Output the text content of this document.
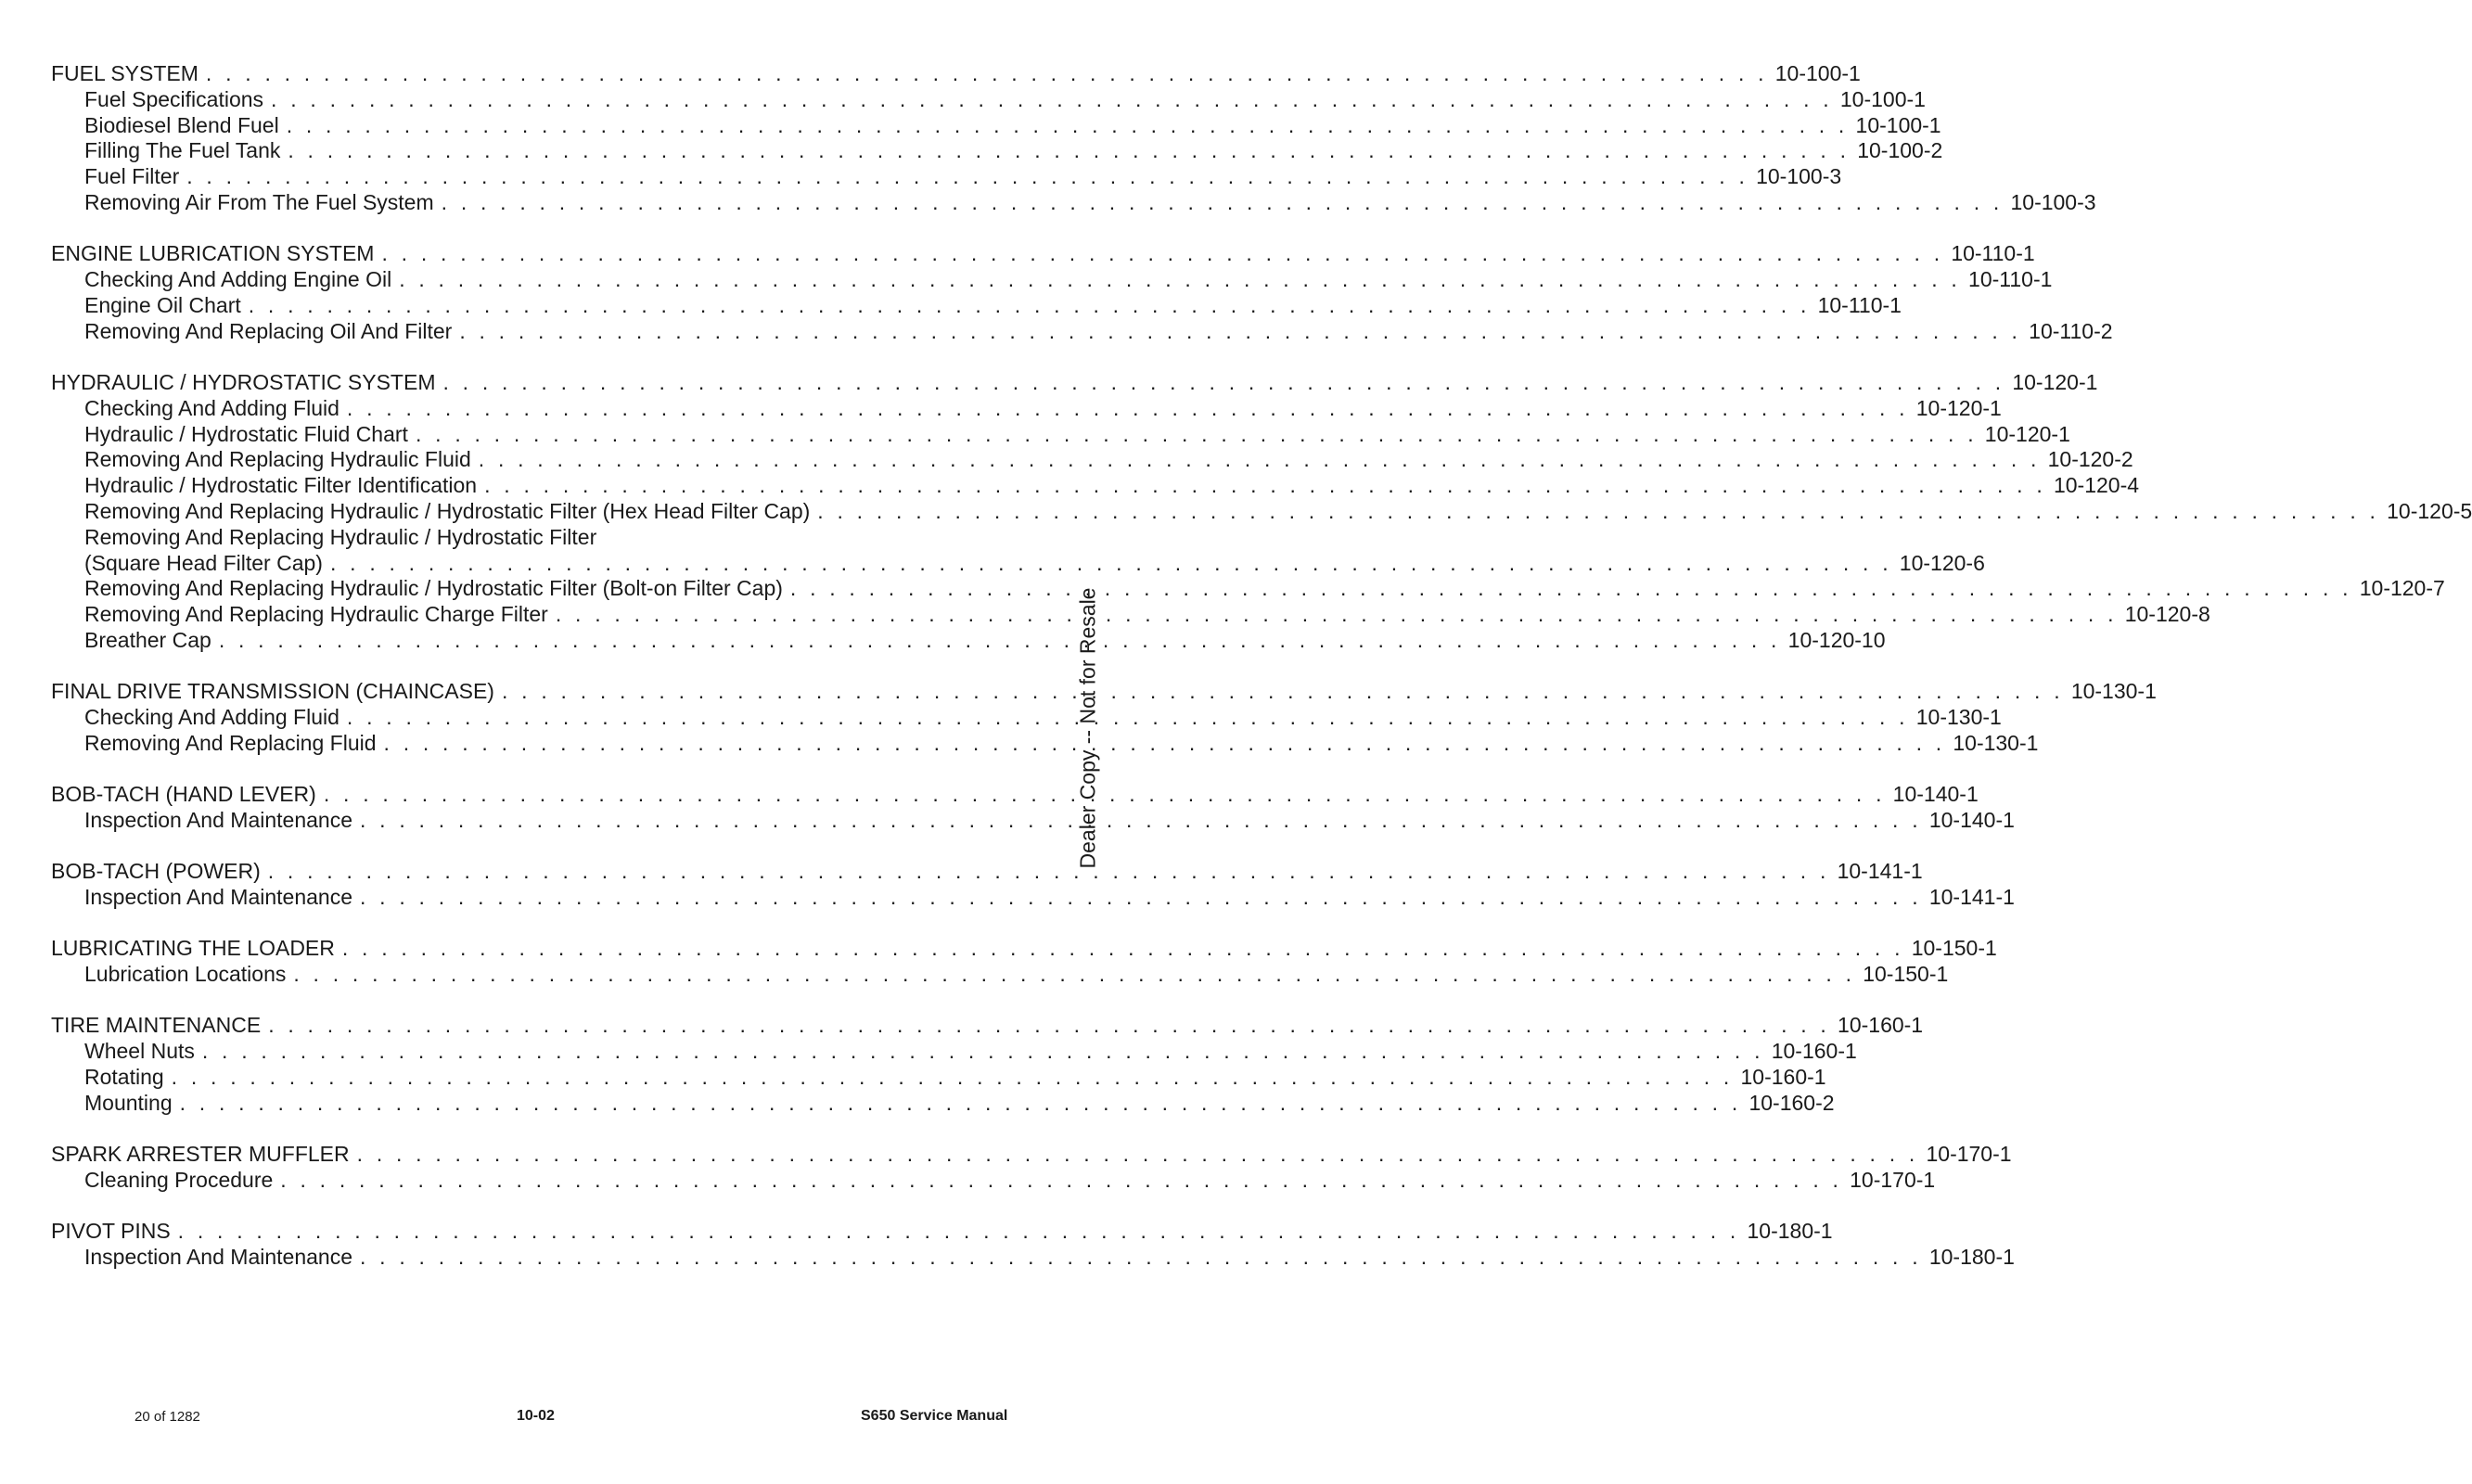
FUEL SYSTEM . . . . . . . . . . . . . . . . . . . . . . . . . . . . . . . . . . . . . . . . . . . . . . . . . . . . . . . . . . . . . . . . . . . . . . . . . . . . . . . . 10-100-1
Fuel Specifications . . . . . . . . . . . . . . . . . . . . . . . . . . . . . . . . . . . . . . . . . . . . . . . . . . . . . . . . . . . . . . . . . . . . . . . . . . . . . . . . 10-100-1
Biodiesel Blend Fuel . . . . . . . . . . . . . . . . . . . . . . . . . . . . . . . . . . . . . . . . . . . . . . . . . . . . . . . . . . . . . . . . . . . . . . . . . . . . . . . . 10-100-1
Filling The Fuel Tank . . . . . . . . . . . . . . . . . . . . . . . . . . . . . . . . . . . . . . . . . . . . . . . . . . . . . . . . . . . . . . . . . . . . . . . . . . . . . . . . 10-100-2
Fuel Filter . . . . . . . . . . . . . . . . . . . . . . . . . . . . . . . . . . . . . . . . . . . . . . . . . . . . . . . . . . . . . . . . . . . . . . . . . . . . . . . . 10-100-3
Removing Air From The Fuel System . . . . . . . . . . . . . . . . . . . . . . . . . . . . . . . . . . . . . . . . . . . . . . . . . . . . . . . . . . . . . . . . . . . . . . . . . . . . . . . . 10-100-3
ENGINE LUBRICATION SYSTEM . . . . . . . . . . . . . . . . . . . . . . . . . . . . . . . . . . . . . . . . . . . . . . . . . . . . . . . . . . . . . . . . . . . . . . . . . . . . . . . . 10-110-1
Checking And Adding Engine Oil . . . . . . . . . . . . . . . . . . . . . . . . . . . . . . . . . . . . . . . . . . . . . . . . . . . . . . . . . . . . . . . . . . . . . . . . . . . . . . . . 10-110-1
Engine Oil Chart . . . . . . . . . . . . . . . . . . . . . . . . . . . . . . . . . . . . . . . . . . . . . . . . . . . . . . . . . . . . . . . . . . . . . . . . . . . . . . . . 10-110-1
Removing And Replacing Oil And Filter . . . . . . . . . . . . . . . . . . . . . . . . . . . . . . . . . . . . . . . . . . . . . . . . . . . . . . . . . . . . . . . . . . . . . . . . . . . . . . . . 10-110-2
HYDRAULIC / HYDROSTATIC SYSTEM . . . . . . . . . . . . . . . . . . . . . . . . . . . . . . . . . . . . . . . . . . . . . . . . . . . . . . . . . . . . . . . . . . . . . . . . . . . . . . . . 10-120-1
Checking And Adding Fluid . . . . . . . . . . . . . . . . . . . . . . . . . . . . . . . . . . . . . . . . . . . . . . . . . . . . . . . . . . . . . . . . . . . . . . . . . . . . . . . . 10-120-1
Hydraulic / Hydrostatic Fluid Chart . . . . . . . . . . . . . . . . . . . . . . . . . . . . . . . . . . . . . . . . . . . . . . . . . . . . . . . . . . . . . . . . . . . . . . . . . . . . . . . . 10-120-1
Removing And Replacing Hydraulic Fluid . . . . . . . . . . . . . . . . . . . . . . . . . . . . . . . . . . . . . . . . . . . . . . . . . . . . . . . . . . . . . . . . . . . . . . . . . . . . . . . . 10-120-2
Hydraulic / Hydrostatic Filter Identification . . . . . . . . . . . . . . . . . . . . . . . . . . . . . . . . . . . . . . . . . . . . . . . . . . . . . . . . . . . . . . . . . . . . . . . . . . . . . . . . 10-120-4
Removing And Replacing Hydraulic / Hydrostatic Filter (Hex Head Filter Cap) . . . . . . . . . . . . . . . . . . . . . . . . . . . . . . . . . . . . . . . . . . . . . . . . . . . . . . . . . . . . . . . . . . . . . . . . . . . . . . . . 10-120-5
Removing And Replacing Hydraulic / Hydrostatic Filter
(Square Head Filter Cap) . . . . . . . . . . . . . . . . . . . . . . . . . . . . . . . . . . . . . . . . . . . . . . . . . . . . . . . . . . . . . . . . . . . . . . . . . . . . . . . . 10-120-6
Removing And Replacing Hydraulic / Hydrostatic Filter (Bolt-on Filter Cap) . . . . . . . . . . . . . . . . . . . . . . . . . . . . . . . . . . . . . . . . . . . . . . . . . . . . . . . . . . . . . . . . . . . . . . . . . . . . . . . . 10-120-7
Removing And Replacing Hydraulic Charge Filter . . . . . . . . . . . . . . . . . . . . . . . . . . . . . . . . . . . . . . . . . . . . . . . . . . . . . . . . . . . . . . . . . . . . . . . . . . . . . . . . 10-120-8
Breather Cap . . . . . . . . . . . . . . . . . . . . . . . . . . . . . . . . . . . . . . . . . . . . . . . . . . . . . . . . . . . . . . . . . . . . . . . . . . . . . . . . 10-120-10
FINAL DRIVE TRANSMISSION (CHAINCASE) . . . . . . . . . . . . . . . . . . . . . . . . . . . . . . . . . . . . . . . . . . . . . . . . . . . . . . . . . . . . . . . . . . . . . . . . . . . . . . . . 10-130-1
Checking And Adding Fluid . . . . . . . . . . . . . . . . . . . . . . . . . . . . . . . . . . . . . . . . . . . . . . . . . . . . . . . . . . . . . . . . . . . . . . . . . . . . . . . . 10-130-1
Removing And Replacing Fluid . . . . . . . . . . . . . . . . . . . . . . . . . . . . . . . . . . . . . . . . . . . . . . . . . . . . . . . . . . . . . . . . . . . . . . . . . . . . . . . . 10-130-1
BOB-TACH (HAND LEVER) . . . . . . . . . . . . . . . . . . . . . . . . . . . . . . . . . . . . . . . . . . . . . . . . . . . . . . . . . . . . . . . . . . . . . . . . . . . . . . . . 10-140-1
Inspection And Maintenance . . . . . . . . . . . . . . . . . . . . . . . . . . . . . . . . . . . . . . . . . . . . . . . . . . . . . . . . . . . . . . . . . . . . . . . . . . . . . . . . 10-140-1
BOB-TACH (POWER) . . . . . . . . . . . . . . . . . . . . . . . . . . . . . . . . . . . . . . . . . . . . . . . . . . . . . . . . . . . . . . . . . . . . . . . . . . . . . . . . 10-141-1
Inspection And Maintenance . . . . . . . . . . . . . . . . . . . . . . . . . . . . . . . . . . . . . . . . . . . . . . . . . . . . . . . . . . . . . . . . . . . . . . . . . . . . . . . . 10-141-1
LUBRICATING THE LOADER . . . . . . . . . . . . . . . . . . . . . . . . . . . . . . . . . . . . . . . . . . . . . . . . . . . . . . . . . . . . . . . . . . . . . . . . . . . . . . . . 10-150-1
Lubrication Locations . . . . . . . . . . . . . . . . . . . . . . . . . . . . . . . . . . . . . . . . . . . . . . . . . . . . . . . . . . . . . . . . . . . . . . . . . . . . . . . . 10-150-1
TIRE MAINTENANCE . . . . . . . . . . . . . . . . . . . . . . . . . . . . . . . . . . . . . . . . . . . . . . . . . . . . . . . . . . . . . . . . . . . . . . . . . . . . . . . . 10-160-1
Wheel Nuts . . . . . . . . . . . . . . . . . . . . . . . . . . . . . . . . . . . . . . . . . . . . . . . . . . . . . . . . . . . . . . . . . . . . . . . . . . . . . . . . 10-160-1
Rotating . . . . . . . . . . . . . . . . . . . . . . . . . . . . . . . . . . . . . . . . . . . . . . . . . . . . . . . . . . . . . . . . . . . . . . . . . . . . . . . . 10-160-1
Mounting . . . . . . . . . . . . . . . . . . . . . . . . . . . . . . . . . . . . . . . . . . . . . . . . . . . . . . . . . . . . . . . . . . . . . . . . . . . . . . . . 10-160-2
SPARK ARRESTER MUFFLER . . . . . . . . . . . . . . . . . . . . . . . . . . . . . . . . . . . . . . . . . . . . . . . . . . . . . . . . . . . . . . . . . . . . . . . . . . . . . . . . 10-170-1
Cleaning Procedure . . . . . . . . . . . . . . . . . . . . . . . . . . . . . . . . . . . . . . . . . . . . . . . . . . . . . . . . . . . . . . . . . . . . . . . . . . . . . . . . 10-170-1
PIVOT PINS . . . . . . . . . . . . . . . . . . . . . . . . . . . . . . . . . . . . . . . . . . . . . . . . . . . . . . . . . . . . . . . . . . . . . . . . . . . . . . . . 10-180-1
Inspection And Maintenance . . . . . . . . . . . . . . . . . . . . . . . . . . . . . . . . . . . . . . . . . . . . . . . . . . . . . . . . . . . . . . . . . . . . . . . . . . . . . . . . 10-180-1
Dealer Copy -- Not for Resale
20 of 1282	10-02	S650 Service Manual
